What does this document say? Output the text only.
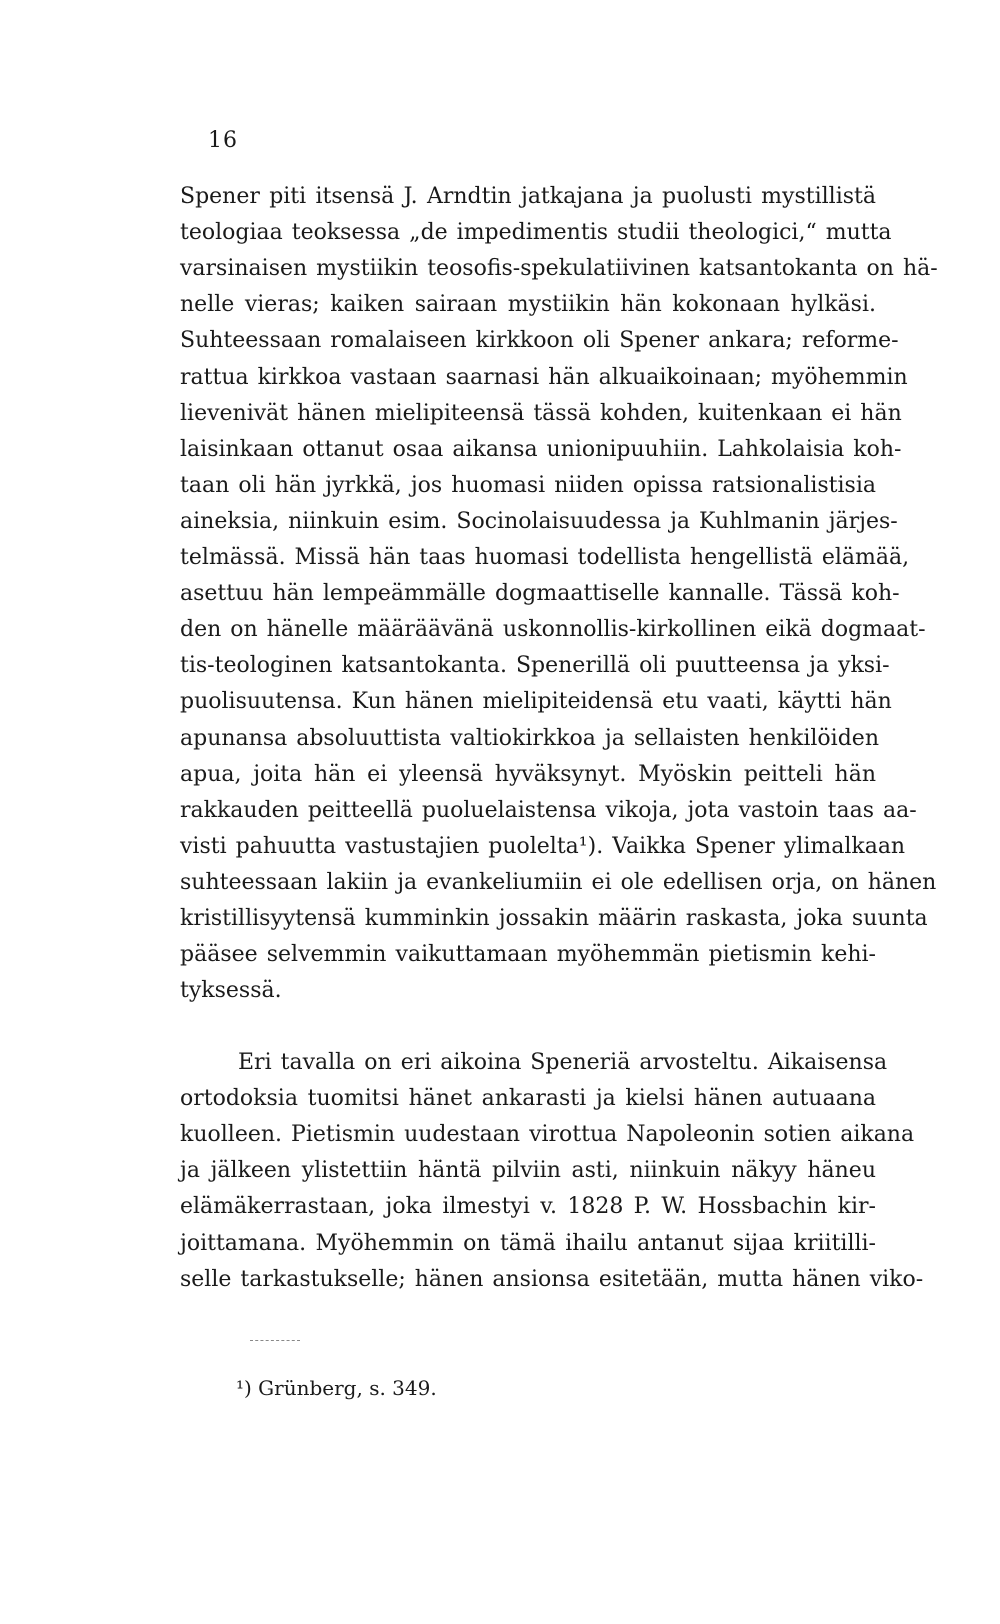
16
Spener piti itsensä J. Arndtin jatkajana ja puolusti mystillistä
teologiaa teoksessa „de impedimentis studii theologici,“ mutta
varsinaisen mystiikin teosofis-spekulatiivinen katsantokanta on hä-
nelle vieras; kaiken sairaan mystiikin hän kokonaan hylkäsi.
Suhteessaan romalaiseen kirkkoon oli Spener ankara; reforme-
rattua kirkkoa vastaan saarnasi hän alkuaikoinaan; myöhemmin
lievenivät hänen mielipiteensä tässä kohden, kuitenkaan ei hän
laisinkaan ottanut osaa aikansa unionipuuhiin. Lahkolaisia koh-
taan oli hän jyrkkä, jos huomasi niiden opissa ratsionalistisia
aineksia, niinkuin esim. Socinolaisuudessa ja Kuhlmanin järjes-
telmässä. Missä hän taas huomasi todellista hengellistä elämää,
asettuu hän lempeämmälle dogmaattiselle kannalle. Tässä koh-
den on hänelle määräävänä uskonnollis-kirkollinen eikä dogmaat-
tis-teologinen katsantokanta. Spenerillä oli puutteensa ja yksi-
puolisuutensa. Kun hänen mielipiteidensä etu vaati, käytti hän
apunansa absoluuttista valtiokirkkoa ja sellaisten henkilöiden
apua, joita hän ei yleensä hyväksynyt. Myöskin peitteli hän
rakkauden peitteellä puoluelaistensa vikoja, jota vastoin taas aa-
visti pahuutta vastustajien puolelta¹). Vaikka Spener ylimalkaan
suhteessaan lakiin ja evankeliumiin ei ole edellisen orja, on hänen
kristillisyytensä kumminkin jossakin määrin raskasta, joka suunta
pääsee selvemmin vaikuttamaan myöhemmän pietismin kehi-
tyksessä.
Eri tavalla on eri aikoina Speneriä arvosteltu. Aikaisensa
ortodoksia tuomitsi hänet ankarasti ja kielsi hänen autuaana
kuolleen. Pietismin uudestaan virottua Napoleonin sotien aikana
ja jälkeen ylistettiin häntä pilviin asti, niinkuin näkyy häneu
elämäkerrastaan, joka ilmestyi v. 1828 P. W. Hossbachin kir-
joittamana. Myöhemmin on tämä ihailu antanut sijaa kriitilli-
selle tarkastukselle; hänen ansionsa esitetään, mutta hänen viko-
¹) Grünberg, s. 349.
